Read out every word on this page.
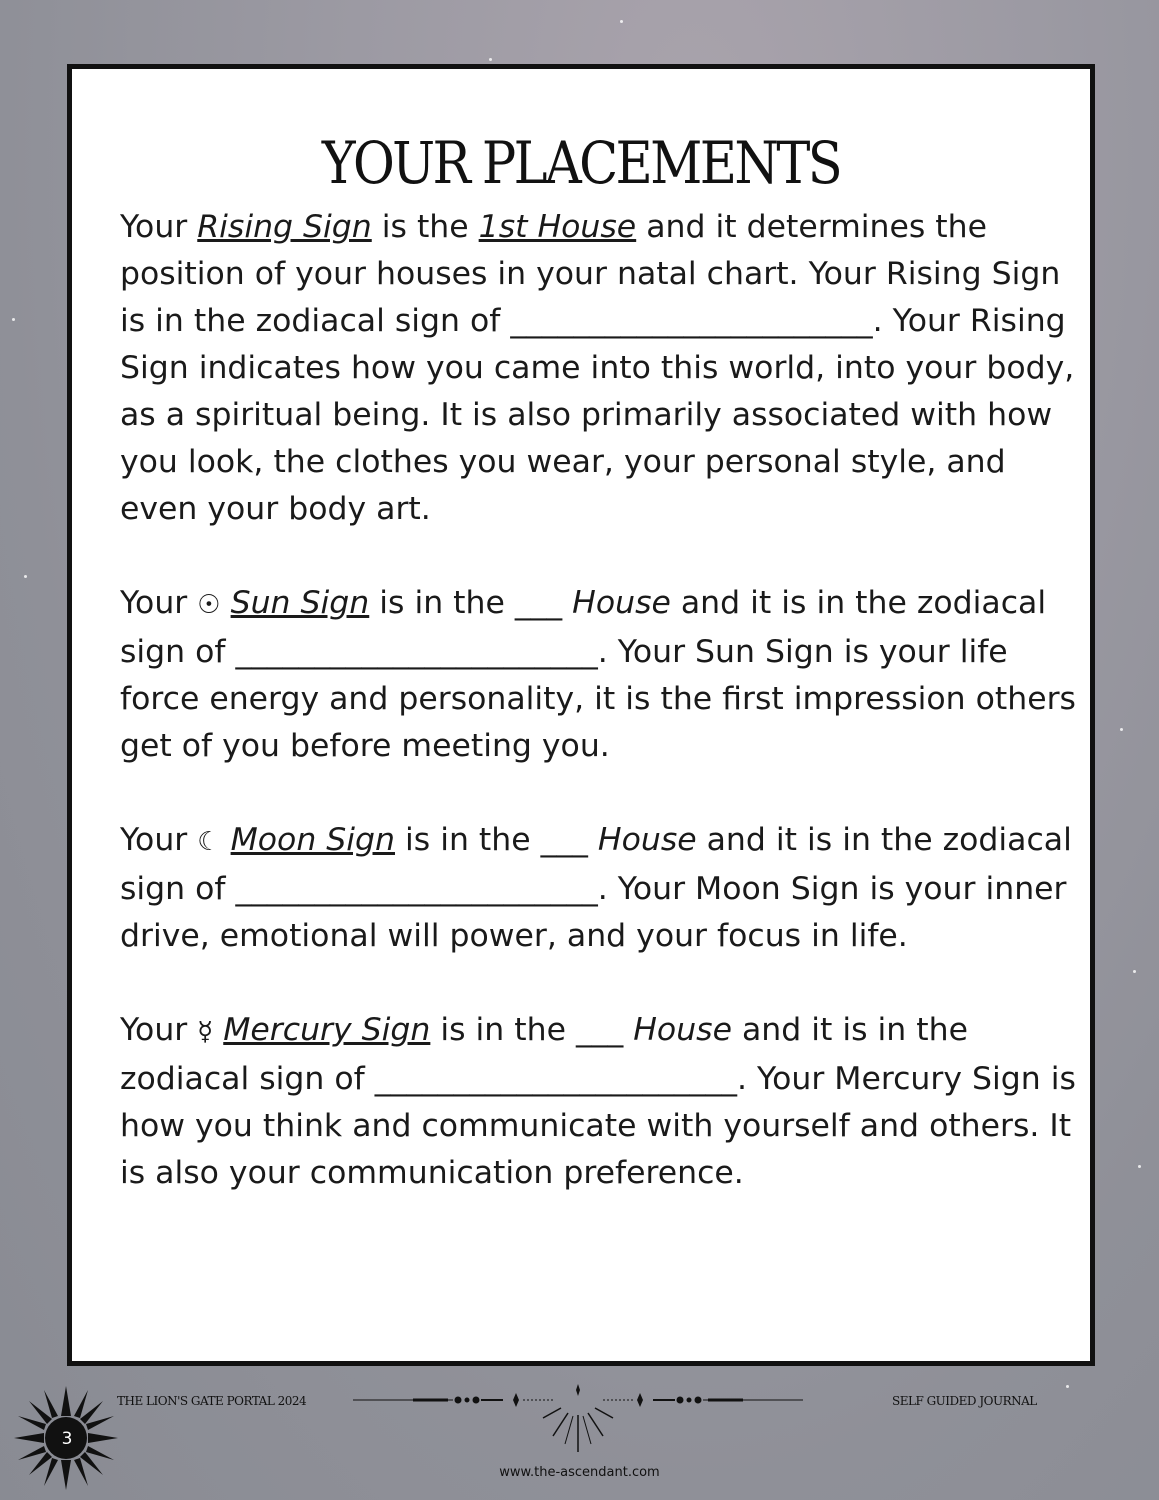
YOUR PLACEMENTS

Your Rising Sign is the 1st House and it determines the position of your houses in your natal chart. Your Rising Sign is in the zodiacal sign of _______________________. Your Rising Sign indicates how you came into this world, into your body, as a spiritual being. It is also primarily associated with how you look, the clothes you wear, your personal style, and even your body art.

Your ☉ Sun Sign is in the ___ House and it is in the zodiacal sign of _______________________. Your Sun Sign is your life force energy and personality, it is the first impression others get of you before meeting you.

Your ☾ Moon Sign is in the ___ House and it is in the zodiacal sign of _______________________. Your Moon Sign is your inner drive, emotional will power, and your focus in life.

Your ☿ Mercury Sign is in the ___ House and it is in the zodiacal sign of _______________________. Your Mercury Sign is how you think and communicate with yourself and others. It is also your communication preference.

3
THE LION'S GATE PORTAL 2024	SELF GUIDED JOURNAL
www.the-ascendant.com
